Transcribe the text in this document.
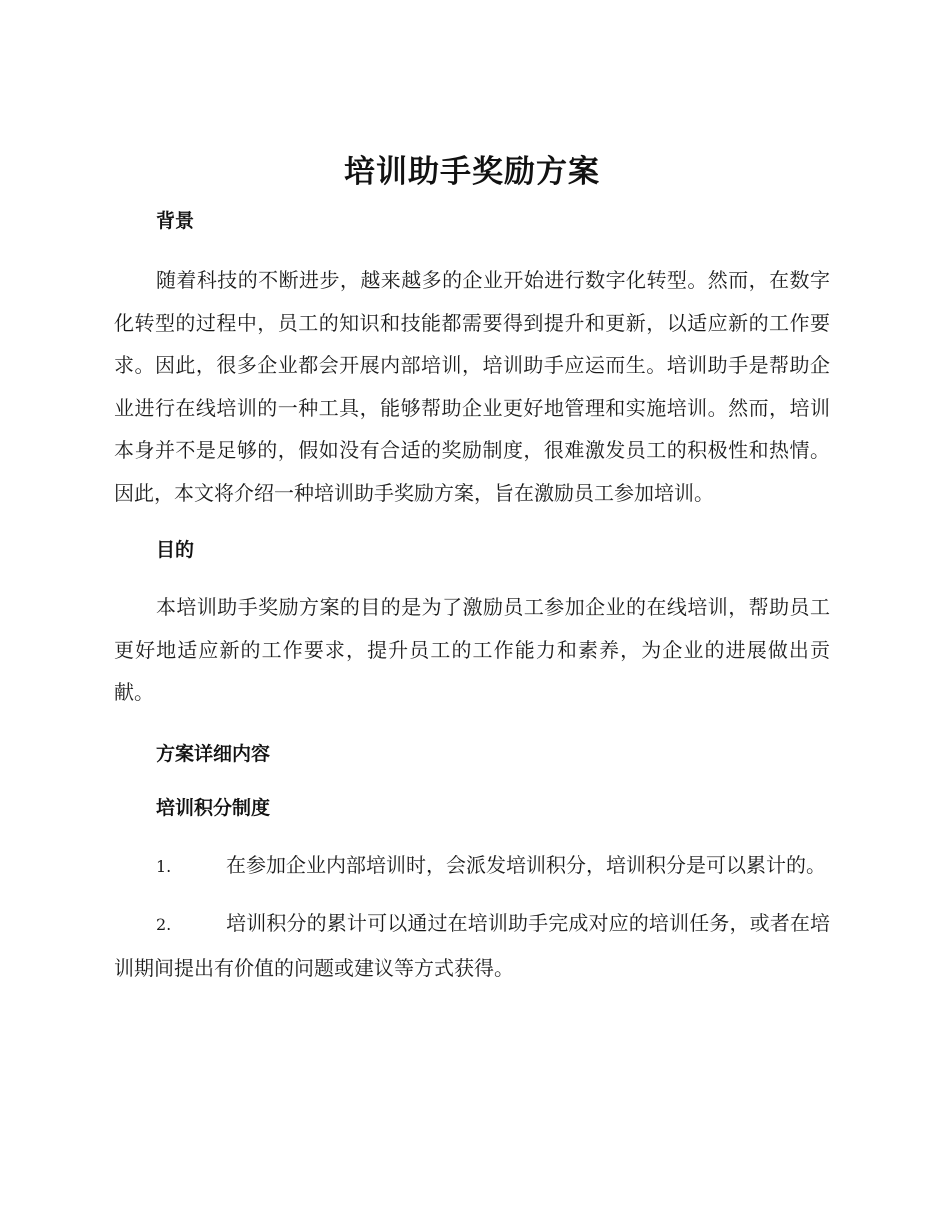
培训助手奖励方案
背景

随着科技的不断进步，越来越多的企业开始进行数字化转型。然而，在数字化转型的过程中，员工的知识和技能都需要得到提升和更新，以适应新的工作要求。因此，很多企业都会开展内部培训，培训助手应运而生。培训助手是帮助企业进行在线培训的一种工具，能够帮助企业更好地管理和实施培训。然而，培训本身并不是足够的，假如没有合适的奖励制度，很难激发员工的积极性和热情。因此，本文将介绍一种培训助手奖励方案，旨在激励员工参加培训。

目的

本培训助手奖励方案的目的是为了激励员工参加企业的在线培训，帮助员工更好地适应新的工作要求，提升员工的工作能力和素养，为企业的进展做出贡献。

方案详细内容
培训积分制度

1.	在参加企业内部培训时，会派发培训积分，培训积分是可以累计的。

2.	培训积分的累计可以通过在培训助手完成对应的培训任务，或者在培训期间提出有价值的问题或建议等方式获得。
